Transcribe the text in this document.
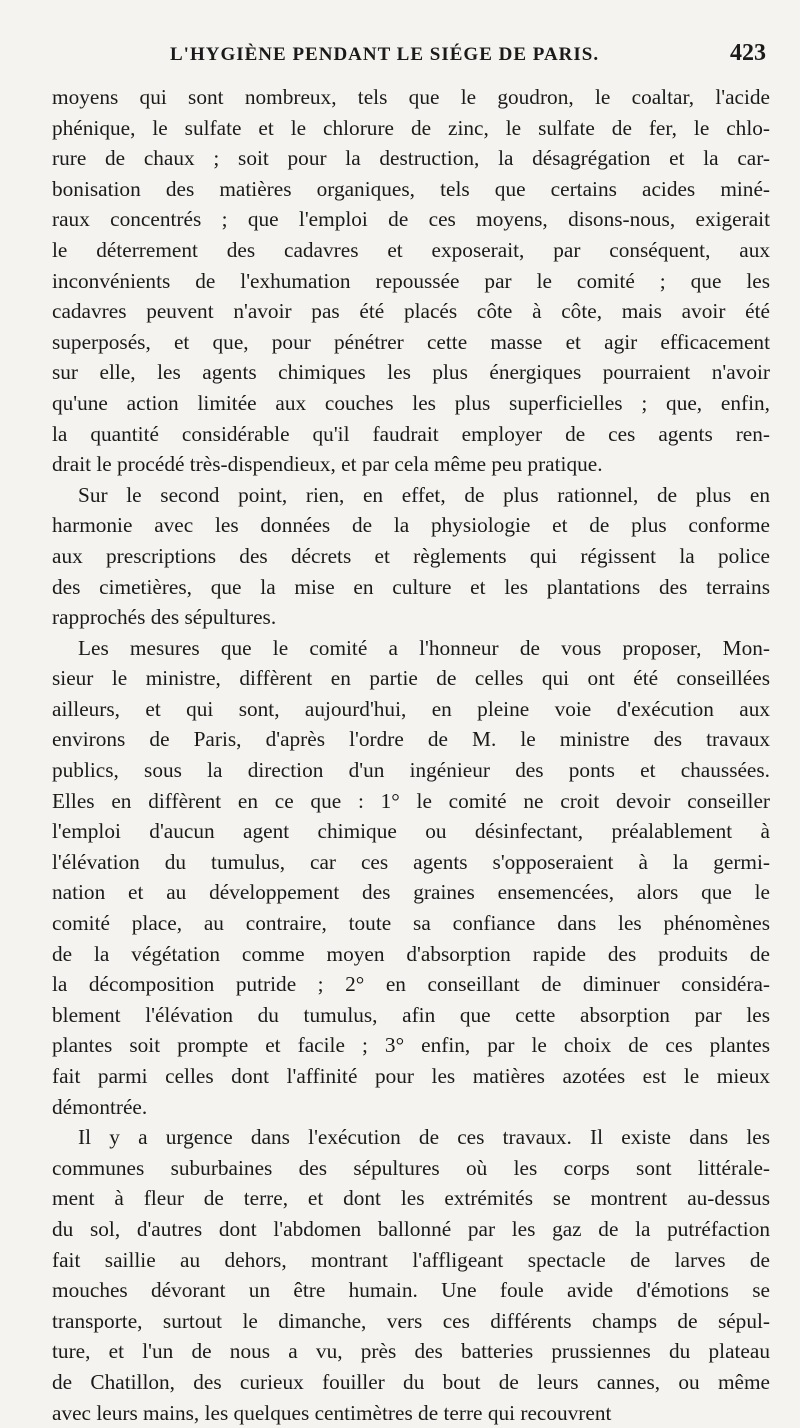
L'HYGIÈNE PENDANT LE SIÉGE DE PARIS.	423

moyens qui sont nombreux, tels que le goudron, le coaltar, l'acide
phénique, le sulfate et le chlorure de zinc, le sulfate de fer, le chlo-
rure de chaux ; soit pour la destruction, la désagrégation et la car-
bonisation des matières organiques, tels que certains acides miné-
raux concentrés ; que l'emploi de ces moyens, disons-nous, exigerait
le déterrement des cadavres et exposerait, par conséquent, aux
inconvénients de l'exhumation repoussée par le comité ; que les
cadavres peuvent n'avoir pas été placés côte à côte, mais avoir été
superposés, et que, pour pénétrer cette masse et agir efficacement
sur elle, les agents chimiques les plus énergiques pourraient n'avoir
qu'une action limitée aux couches les plus superficielles ; que, enfin,
la quantité considérable qu'il faudrait employer de ces agents ren-
drait le procédé très-dispendieux, et par cela même peu pratique.

Sur le second point, rien, en effet, de plus rationnel, de plus en
harmonie avec les données de la physiologie et de plus conforme
aux prescriptions des décrets et règlements qui régissent la police
des cimetières, que la mise en culture et les plantations des terrains
rapprochés des sépultures.

Les mesures que le comité a l'honneur de vous proposer, Mon-
sieur le ministre, diffèrent en partie de celles qui ont été conseillées
ailleurs, et qui sont, aujourd'hui, en pleine voie d'exécution aux
environs de Paris, d'après l'ordre de M. le ministre des travaux
publics, sous la direction d'un ingénieur des ponts et chaussées.
Elles en diffèrent en ce que : 1° le comité ne croit devoir conseiller
l'emploi d'aucun agent chimique ou désinfectant, préalablement à
l'élévation du tumulus, car ces agents s'opposeraient à la germi-
nation et au développement des graines ensemencées, alors que le
comité place, au contraire, toute sa confiance dans les phénomènes
de la végétation comme moyen d'absorption rapide des produits de
la décomposition putride ; 2° en conseillant de diminuer considéra-
blement l'élévation du tumulus, afin que cette absorption par les
plantes soit prompte et facile ; 3° enfin, par le choix de ces plantes
fait parmi celles dont l'affinité pour les matières azotées est le mieux
démontrée.

Il y a urgence dans l'exécution de ces travaux. Il existe dans les
communes suburbaines des sépultures où les corps sont littérale-
ment à fleur de terre, et dont les extrémités se montrent au-dessus
du sol, d'autres dont l'abdomen ballonné par les gaz de la putréfaction
fait saillie au dehors, montrant l'affligeant spectacle de larves de
mouches dévorant un être humain. Une foule avide d'émotions se
transporte, surtout le dimanche, vers ces différents champs de sépul-
ture, et l'un de nous a vu, près des batteries prussiennes du plateau
de Chatillon, des curieux fouiller du bout de leurs cannes, ou même
avec leurs mains, les quelques centimètres de terre qui recouvrent
